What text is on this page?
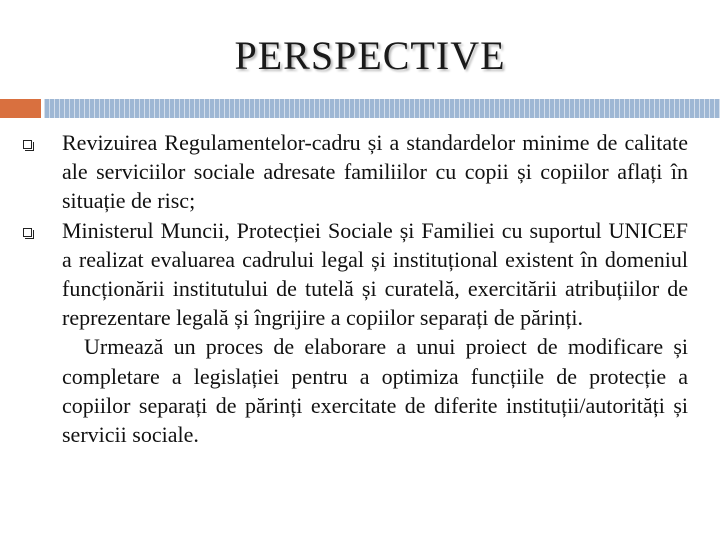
PERSPECTIVE

Revizuirea Regulamentelor-cadru și a standardelor minime de calitate ale serviciilor sociale adresate familiilor cu copii și copiilor aflați în situație de risc;

Ministerul Muncii, Protecției Sociale și Familiei cu suportul UNICEF a realizat evaluarea cadrului legal și instituțional existent în domeniul funcționării institutului de tutelă și curatelă, exercitării atribuțiilor de reprezentare legală și îngrijire a copiilor separați de părinți.

Urmează un proces de elaborare a unui proiect de modificare și completare a legislației pentru a optimiza funcțiile de protecție a copiilor separați de părinți exercitate de diferite instituții/autorități și servicii sociale.
